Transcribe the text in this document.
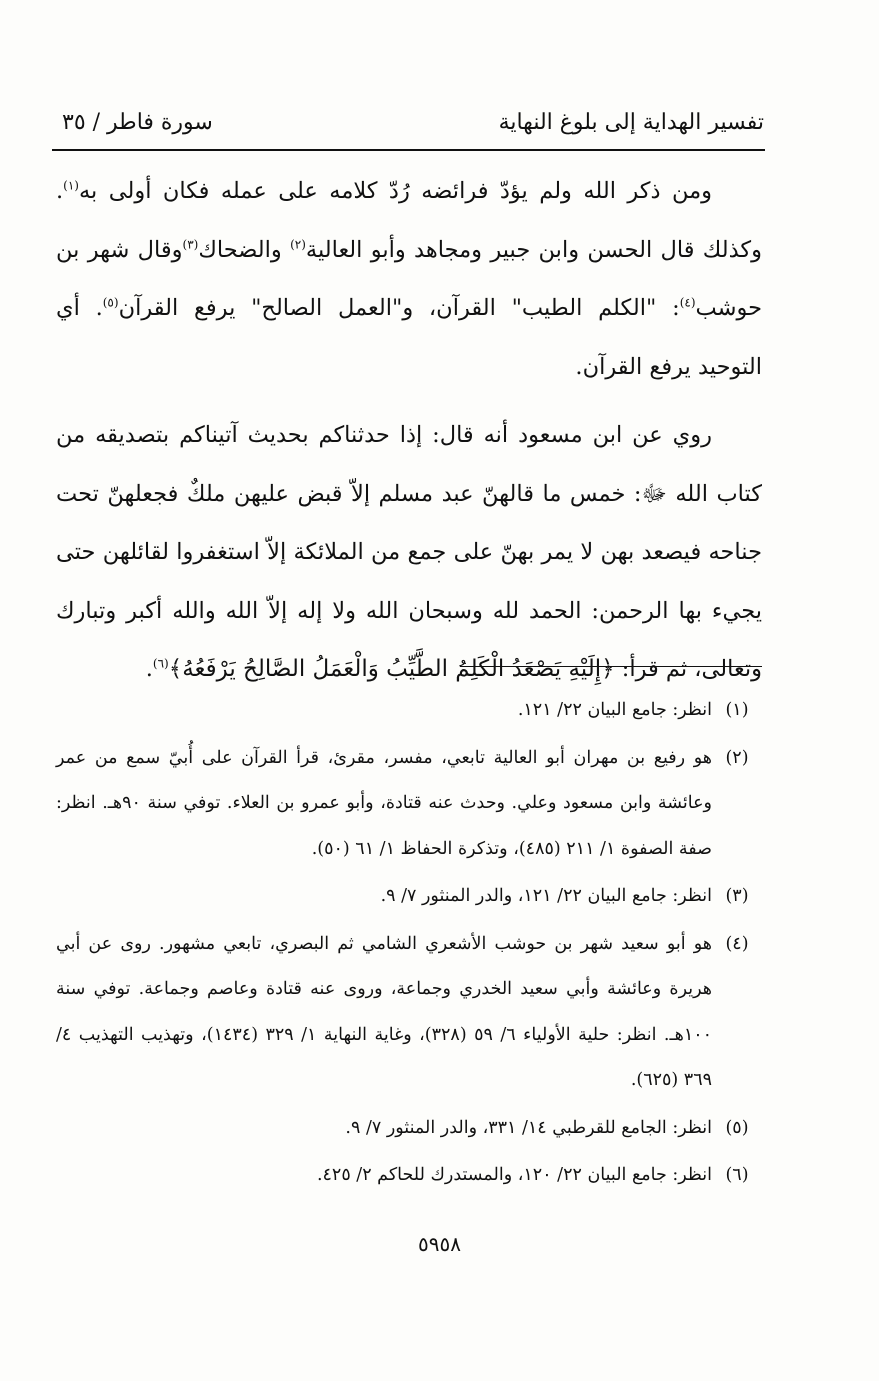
تفسير الهداية إلى بلوغ النهاية
سورة فاطر / ٣٥

ومن ذكر الله ولم يؤدّ فرائضه رُدّ كلامه على عمله فكان أولى به$^{(١)}$. وكذلك قال الحسن وابن جبير ومجاهد وأبو العالية$^{(٢)}$ والضحاك$^{(٣)}$وقال شهر بن حوشب$^{(٤)}$: "الكلم الطيب" القرآن، و"العمل الصالح" يرفع القرآن$^{(٥)}$. أي التوحيد يرفع القرآن.

روي عن ابن مسعود أنه قال: إذا حدثناكم بحديث آتيناكم بتصديقه من كتاب الله ﷻ: خمس ما قالهنّ عبد مسلم إلاّ قبض عليهن ملكٌ فجعلهنّ تحت جناحه فيصعد بهن لا يمر بهنّ على جمع من الملائكة إلاّ استغفروا لقائلهن حتى يجيء بها الرحمن: الحمد لله وسبحان الله ولا إله إلاّ الله والله أكبر وتبارك وتعالى، ثم قرأ: ﴿إِلَيْهِ يَصْعَدُ الْكَلِمُ الطَّيِّبُ وَالْعَمَلُ الصَّالِحُ يَرْفَعُهُ﴾$^{(٦)}$.

(١)
انظر: جامع البيان ٢٢/ ١٢١.
(٢)
هو رفيع بن مهران أبو العالية تابعي، مفسر، مقرئ، قرأ القرآن على أُبيّ سمع من عمر وعائشة وابن مسعود وعلي. وحدث عنه قتادة، وأبو عمرو بن العلاء. توفي سنة ٩٠هـ. انظر: صفة الصفوة ١/ ٢١١ (٤٨٥)، وتذكرة الحفاظ ١/ ٦١ (٥٠).
(٣)
انظر: جامع البيان ٢٢/ ١٢١، والدر المنثور ٧/ ٩.
(٤)
هو أبو سعيد شهر بن حوشب الأشعري الشامي ثم البصري، تابعي مشهور. روى عن أبي هريرة وعائشة وأبي سعيد الخدري وجماعة، وروى عنه قتادة وعاصم وجماعة. توفي سنة ١٠٠هـ. انظر: حلية الأولياء ٦/ ٥٩ (٣٢٨)، وغاية النهاية ١/ ٣٢٩ (١٤٣٤)، وتهذيب التهذيب ٤/ ٣٦٩ (٦٢٥).
(٥)
انظر: الجامع للقرطبي ١٤/ ٣٣١، والدر المنثور ٧/ ٩.
(٦)
انظر: جامع البيان ٢٢/ ١٢٠، والمستدرك للحاكم ٢/ ٤٢٥.
٥٩٥٨
